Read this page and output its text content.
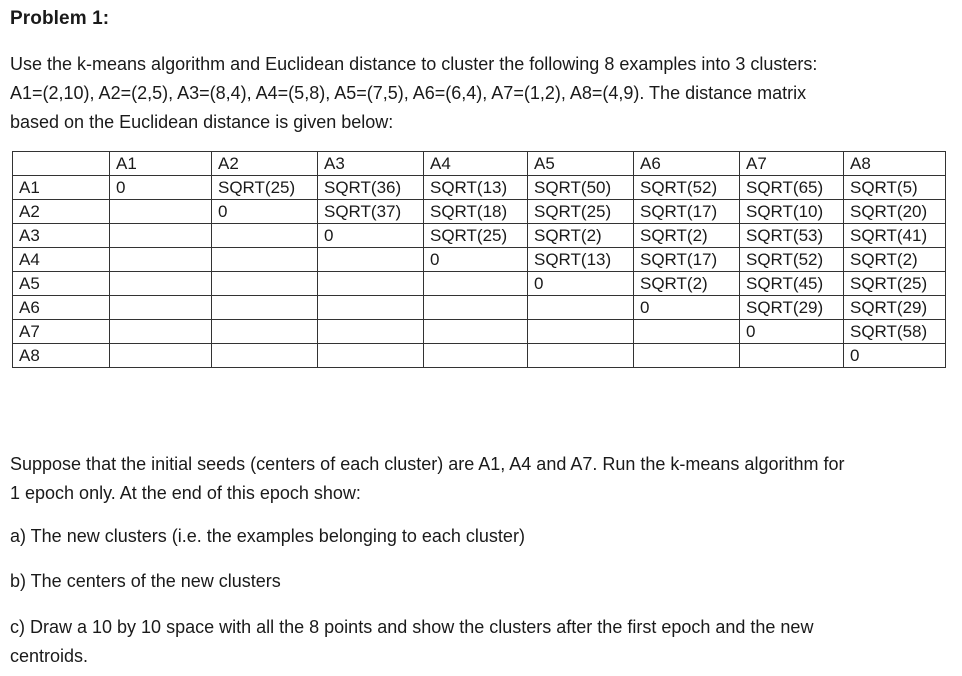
Problem 1:
Use the k-means algorithm and Euclidean distance to cluster the following 8 examples into 3 clusters:
A1=(2,10), A2=(2,5), A3=(8,4), A4=(5,8), A5=(7,5), A6=(6,4), A7=(1,2), A8=(4,9). The distance matrix
based on the Euclidean distance is given below:
	A1	A2	A3	A4	A5	A6	A7	A8
A1	0	SQRT(25)	SQRT(36)	SQRT(13)	SQRT(50)	SQRT(52)	SQRT(65)	SQRT(5)
A2		0	SQRT(37)	SQRT(18)	SQRT(25)	SQRT(17)	SQRT(10)	SQRT(20)
A3			0	SQRT(25)	SQRT(2)	SQRT(2)	SQRT(53)	SQRT(41)
A4				0	SQRT(13)	SQRT(17)	SQRT(52)	SQRT(2)
A5					0	SQRT(2)	SQRT(45)	SQRT(25)
A6						0	SQRT(29)	SQRT(29)
A7							0	SQRT(58)
A8								0
Suppose that the initial seeds (centers of each cluster) are A1, A4 and A7. Run the k-means algorithm for
1 epoch only. At the end of this epoch show:
a) The new clusters (i.e. the examples belonging to each cluster)
b) The centers of the new clusters
c) Draw a 10 by 10 space with all the 8 points and show the clusters after the first epoch and the new
centroids.
